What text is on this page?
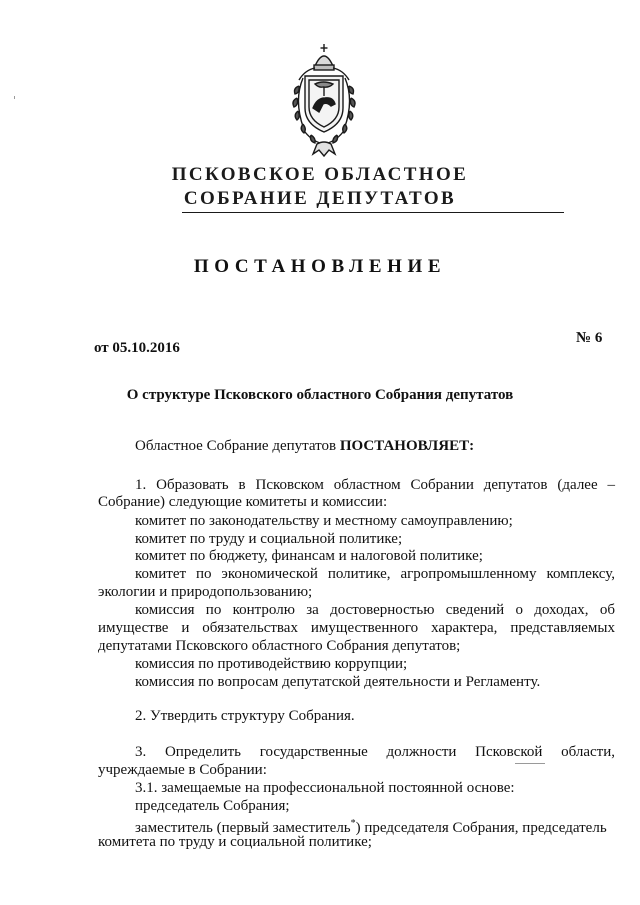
ПСКОВСКОЕ ОБЛАСТНОЕ
СОБРАНИЕ ДЕПУТАТОВ
ПОСТАНОВЛЕНИЕ
от 05.10.2016
№ 6
О структуре Псковского областного Собрания депутатов
Областное Собрание депутатов ПОСТАНОВЛЯЕТ:
1. Образовать в Псковском областном Собрании депутатов (далее –
Собрание) следующие комитеты и комиссии:
комитет по законодательству и местному самоуправлению;
комитет по труду и социальной политике;
комитет по бюджету, финансам и налоговой политике;
комитет по экономической политике, агропромышленному комплексу,
экологии и природопользованию;
комиссия по контролю за достоверностью сведений о доходах, об
имуществе и обязательствах имущественного характера, представляемых
депутатами Псковского областного Собрания депутатов;
комиссия по противодействию коррупции;
комиссия по вопросам депутатской деятельности и Регламенту.
2. Утвердить структуру Собрания.
3. Определить государственные должности Псковской области,
учреждаемые в Собрании:
3.1. замещаемые на профессиональной постоянной основе:
председатель Собрания;
заместитель (первый заместитель*) председателя Собрания, председатель
комитета по труду и социальной политике;
